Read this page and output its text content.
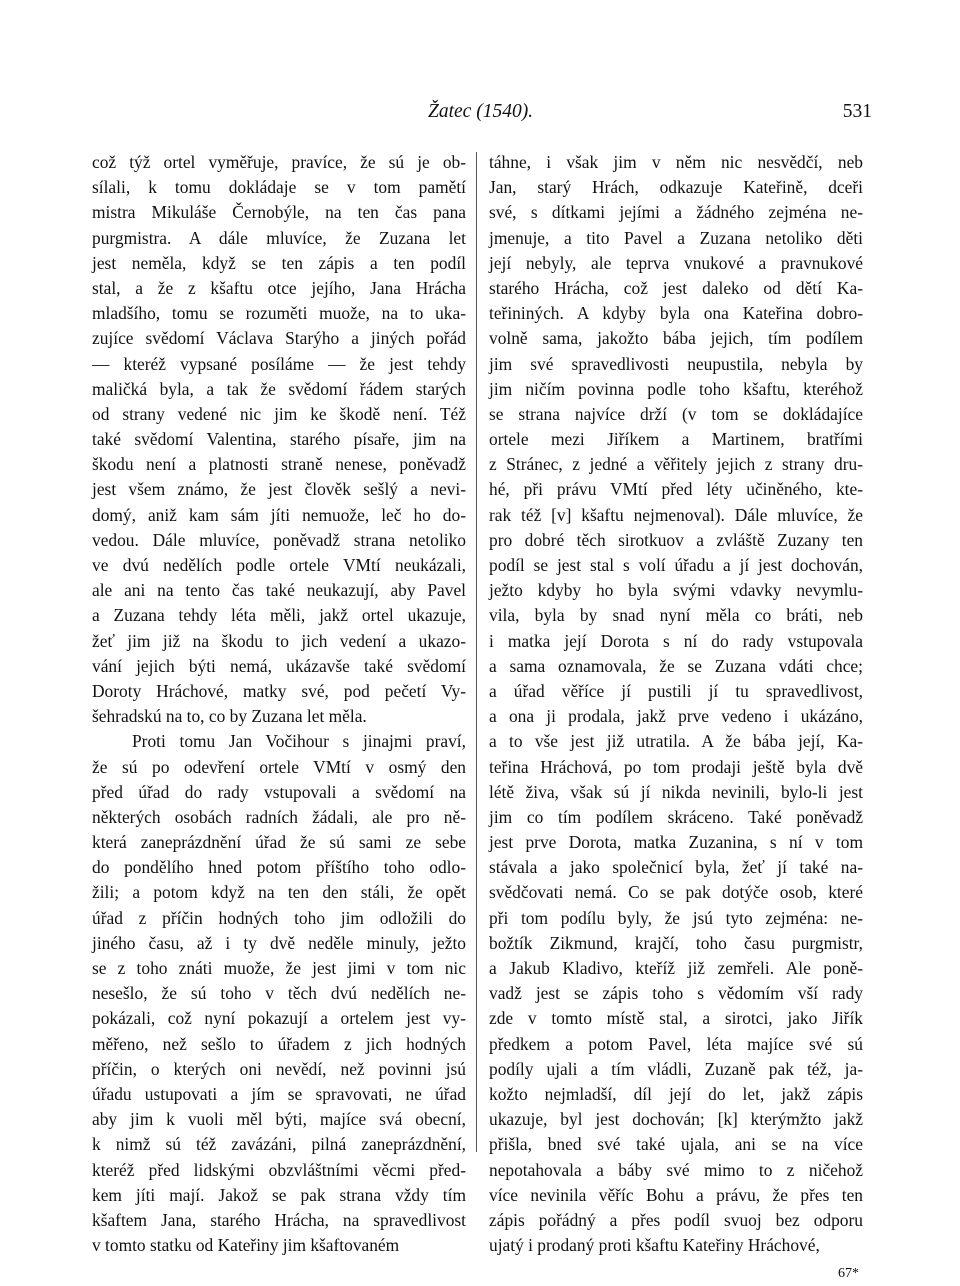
Žatec (1540).	531
což týž ortel vyměřuje, pravíce, že sú je ob-
sílali, k tomu dokládaje se v tom pamětí
mistra Mikuláše Černobýle, na ten čas pana
purgmistra. A dále mluvíce, že Zuzana let
jest neměla, když se ten zápis a ten podíl
stal, a že z kšaftu otce jejího, Jana Hrácha
mladšího, tomu se rozuměti muože, na to uka-
zujíce svědomí Václava Starýho a jiných pořád
— kteréž vypsané posíláme — že jest tehdy
maličká byla, a tak že svědomí řádem starých
od strany vedené nic jim ke škodě není. Též
také svědomí Valentina, starého písaře, jim na
škodu není a platnosti straně nenese, poněvadž
jest všem známo, že jest člověk sešlý a nevi-
domý, aniž kam sám jíti nemuože, leč ho do-
vedou. Dále mluvíce, poněvadž strana netoliko
ve dvú nedělích podle ortele VMtí neukázali,
ale ani na tento čas také neukazují, aby Pavel
a Zuzana tehdy léta měli, jakž ortel ukazuje,
žeť jim již na škodu to jich vedení a ukazo-
vání jejich býti nemá, ukázavše také svědomí
Doroty Hráchové, matky své, pod pečetí Vy-
šehradskú na to, co by Zuzana let měla.
Proti tomu Jan Vočihour s jinajmi praví,
že sú po odevření ortele VMtí v osmý den
před úřad do rady vstupovali a svědomí na
některých osobách radních žádali, ale pro ně-
která zaneprázdnění úřad že sú sami ze sebe
do pondělího hned potom příštího toho odlo-
žili; a potom když na ten den stáli, že opět
úřad z příčin hodných toho jim odložili do
jiného času, až i ty dvě neděle minuly, ježto
se z toho znáti muože, že jest jimi v tom nic
nesešlo, že sú toho v těch dvú nedělích ne-
pokázali, což nyní pokazují a ortelem jest vy-
měřeno, než sešlo to úřadem z jich hodných
příčin, o kterých oni nevědí, než povinni jsú
úřadu ustupovati a jím se spravovati, ne úřad
aby jim k vuoli měl býti, majíce svá obecní,
k nimž sú též zavázáni, pilná zaneprázdnění,
kteréž před lidskými obzvláštními věcmi před-
kem jíti mají. Jakož se pak strana vždy tím
kšaftem Jana, starého Hrácha, na spravedlivost
v tomto statku od Kateřiny jim kšaftovaném
táhne, i však jim v něm nic nesvědčí, neb
Jan, starý Hrách, odkazuje Kateřině, dceři
své, s dítkami jejími a žádného zejména ne-
jmenuje, a tito Pavel a Zuzana netoliko děti
její nebyly, ale teprva vnukové a pravnukové
starého Hrácha, což jest daleko od dětí Ka-
teřininých. A kdyby byla ona Kateřina dobro-
volně sama, jakožto bába jejich, tím podílem
jim své spravedlivosti neupustila, nebyla by
jim ničím povinna podle toho kšaftu, kteréhož
se strana najvíce drží (v tom se dokládajíce
ortele mezi Jiříkem a Martinem, bratřími
z Stránec, z jedné a věřitely jejich z strany dru-
hé, při právu VMtí před léty učiněného, kte-
rak též [v] kšaftu nejmenoval). Dále mluvíce, že
pro dobré těch sirotkuov a zvláště Zuzany ten
podíl se jest stal s volí úřadu a jí jest dochován,
ježto kdyby ho byla svými vdavky nevymlu-
vila, byla by snad nyní měla co bráti, neb
i matka její Dorota s ní do rady vstupovala
a sama oznamovala, že se Zuzana vdáti chce;
a úřad věříce jí pustili jí tu spravedlivost,
a ona ji prodala, jakž prve vedeno i ukázáno,
a to vše jest již utratila. A že bába její, Ka-
teřina Hráchová, po tom prodaji ještě byla dvě
létě živa, však sú jí nikda nevinili, bylo-li jest
jim co tím podílem skráceno. Také poněvadž
jest prve Dorota, matka Zuzanina, s ní v tom
stávala a jako společnicí byla, žeť jí také na-
svědčovati nemá. Co se pak dotýče osob, které
při tom podílu byly, že jsú tyto zejména: ne-
božtík Zikmund, krajčí, toho času purgmistr,
a Jakub Kladivo, kteříž již zemřeli. Ale poně-
vadž jest se zápis toho s vědomím vší rady
zde v tomto místě stal, a sirotci, jako Jiřík
předkem a potom Pavel, léta majíce své sú
podíly ujali a tím vládli, Zuzaně pak též, ja-
kožto nejmladší, díl její do let, jakž zápis
ukazuje, byl jest dochován; [k] kterýmžto jakž
přišla, bned své také ujala, ani se na více
nepotahovala a báby své mimo to z ničehož
více nevinila věříc Bohu a právu, že přes ten
zápis pořádný a přes podíl svuoj bez odporu
ujatý i prodaný proti kšaftu Kateřiny Hráchové,
67*
